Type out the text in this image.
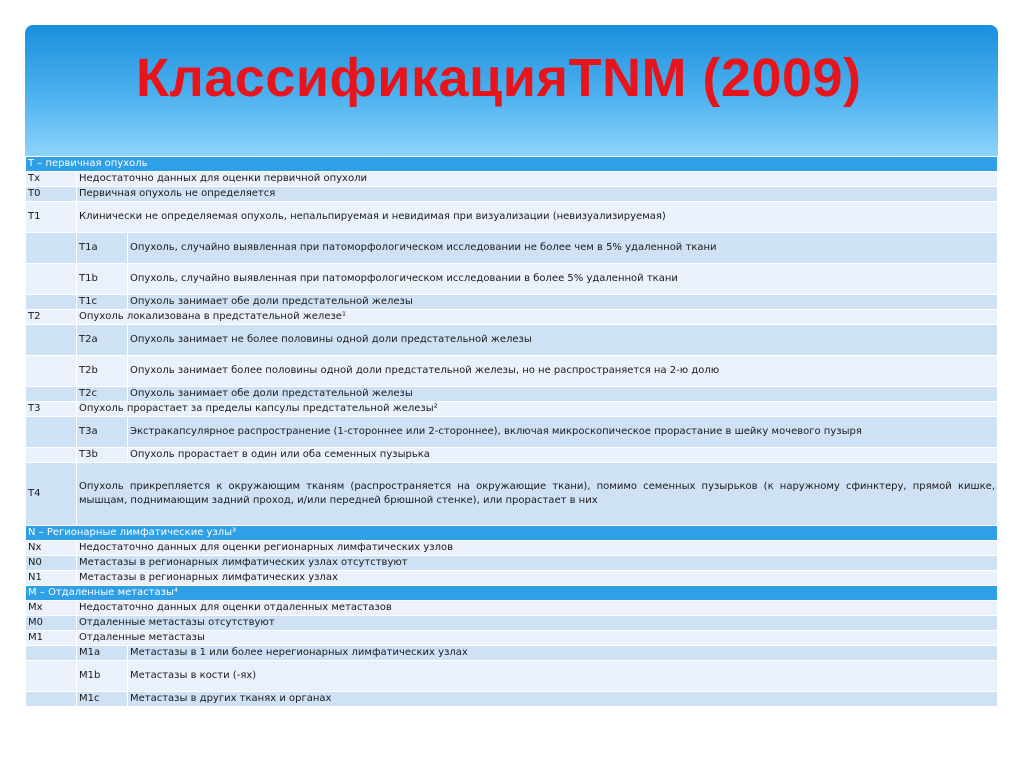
КлассификацияTNM (2009)
T – первичная опухоль		
Tx	Недостаточно данных для оценки первичной опухоли	
T0	Первичная опухоль не определяется	
T1	Клинически не определяемая опухоль, непальпируемая и невидимая при визуализации (невизуализируемая)	
	T1a	Опухоль, случайно выявленная при патоморфологическом исследовании не более чем в 5% удаленной ткани
	T1b	Опухоль, случайно выявленная при патоморфологическом исследовании в более 5% удаленной ткани
	T1c	Опухоль занимает обе доли предстательной железы
T2	Опухоль локализована в предстательной железе¹	
	T2a	Опухоль занимает не более половины одной доли предстательной железы
	T2b	Опухоль занимает более половины одной доли предстательной железы, но не распространяется на 2-ю долю
	T2c	Опухоль занимает обе доли предстательной железы
T3	Опухоль прорастает за пределы капсулы предстательной железы²	
	T3a	Экстракапсулярное распространение (1-стороннее или 2-стороннее), включая микроскопическое прорастание в шейку мочевого пузыря
	T3b	Опухоль прорастает в один или оба семенных пузырька
T4	Опухоль прикрепляется к окружающим тканям (распространяется на окружающие ткани), помимо семенных пузырьков (к наружному сфинктеру, прямой кишке, мышцам, поднимающим задний проход, и/или передней брюшной стенке), или прорастает в них	
N – Регионарные лимфатические узлы³		
Nx	Недостаточно данных для оценки регионарных лимфатических узлов	
N0	Метастазы в регионарных лимфатических узлах отсутствуют	
N1	Метастазы в регионарных лимфатических узлах	
M – Отдаленные метастазы⁴		
Mx	Недостаточно данных для оценки отдаленных метастазов	
M0	Отдаленные метастазы отсутствуют	
M1	Отдаленные метастазы	
	M1a	Метастазы в 1 или более нерегионарных лимфатических узлах
	M1b	Метастазы в кости (-ях)
	M1c	Метастазы в других тканях и органах
